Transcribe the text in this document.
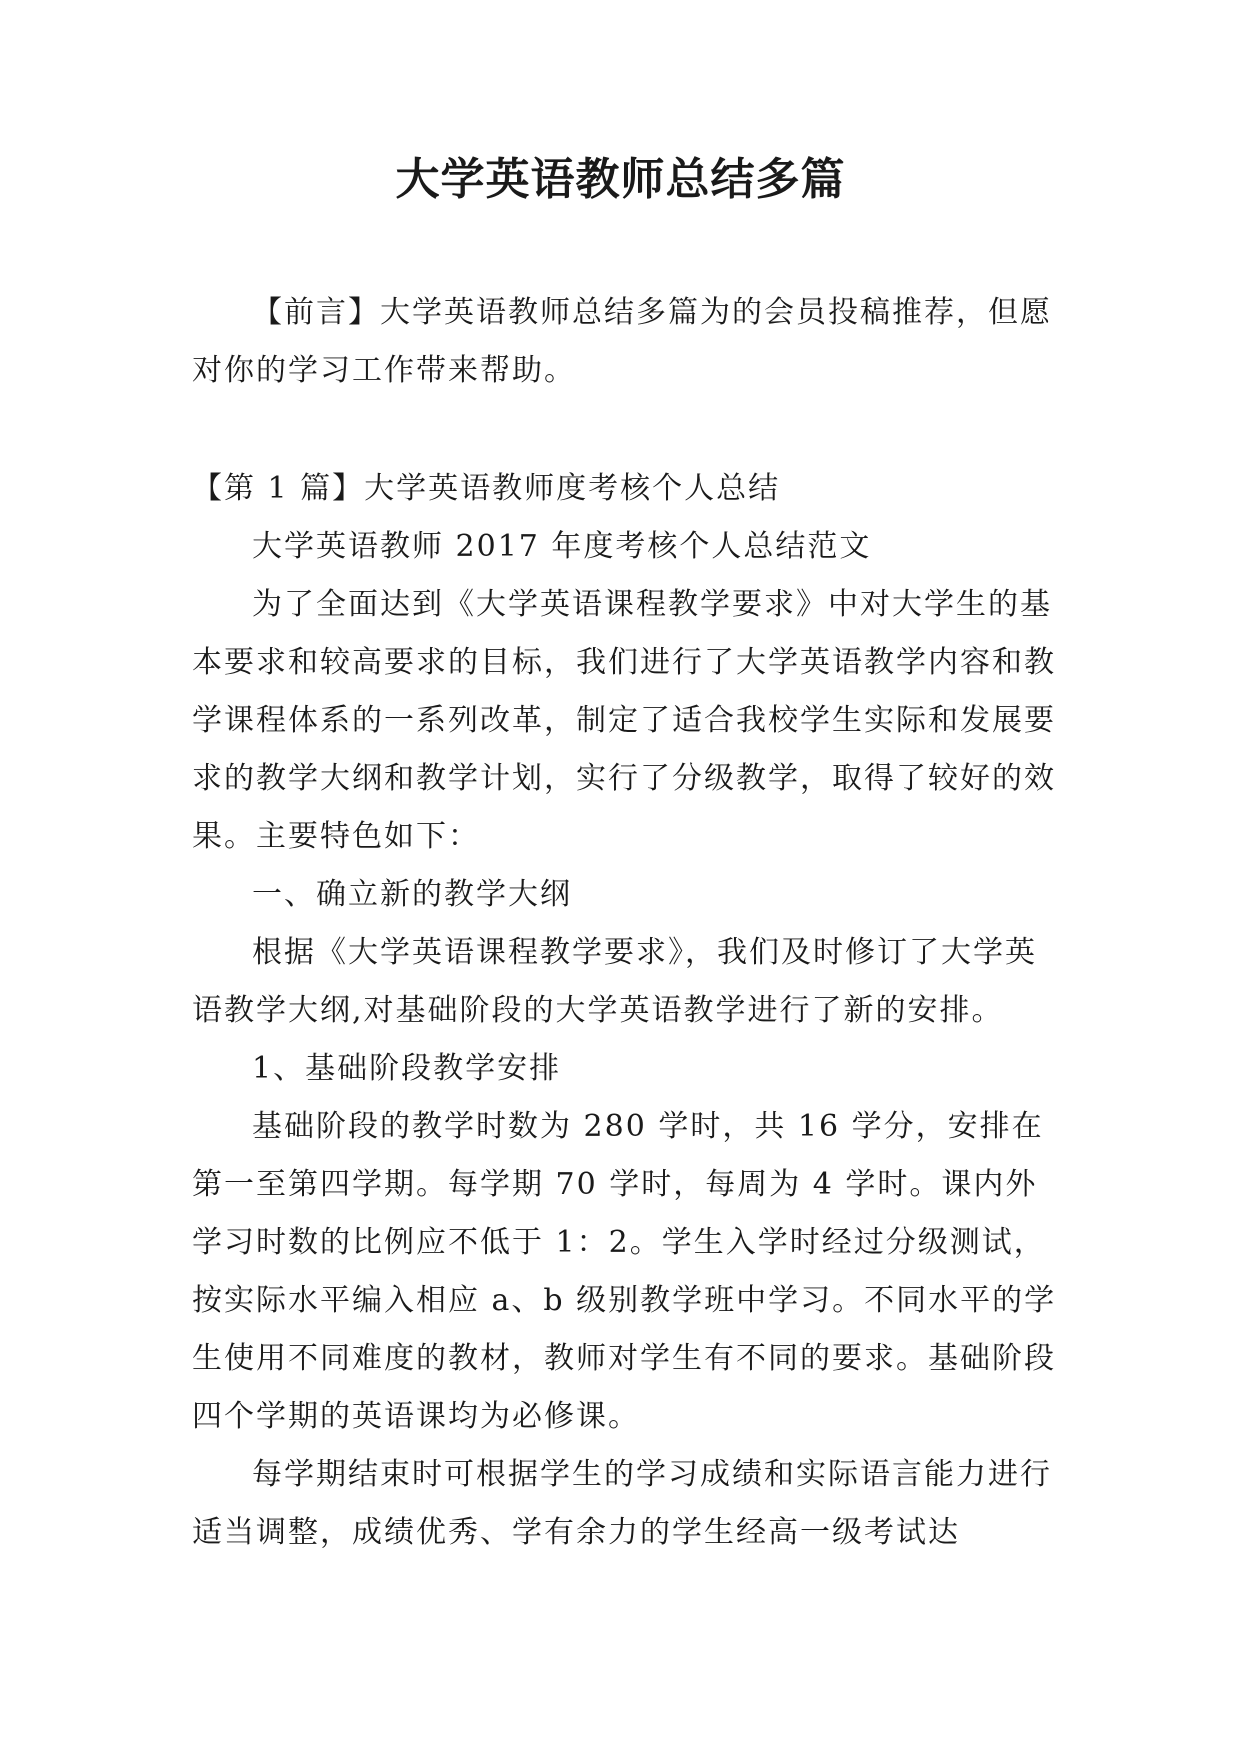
大学英语教师总结多篇

【前言】大学英语教师总结多篇为的会员投稿推荐，但愿对你的学习工作带来帮助。

【第 1 篇】大学英语教师度考核个人总结

大学英语教师 2017 年度考核个人总结范文

为了全面达到《大学英语课程教学要求》中对大学生的基本要求和较高要求的目标，我们进行了大学英语教学内容和教学课程体系的一系列改革，制定了适合我校学生实际和发展要求的教学大纲和教学计划，实行了分级教学，取得了较好的效果。主要特色如下：

一、确立新的教学大纲

根据《大学英语课程教学要求》，我们及时修订了大学英语教学大纲,对基础阶段的大学英语教学进行了新的安排。

1、基础阶段教学安排

基础阶段的教学时数为 280 学时，共 16 学分，安排在第一至第四学期。每学期 70 学时，每周为 4 学时。课内外学习时数的比例应不低于 1：2。学生入学时经过分级测试，按实际水平编入相应 a、b 级别教学班中学习。不同水平的学生使用不同难度的教材，教师对学生有不同的要求。基础阶段四个学期的英语课均为必修课。

每学期结束时可根据学生的学习成绩和实际语言能力进行适当调整，成绩优秀、学有余力的学生经高一级考试达
